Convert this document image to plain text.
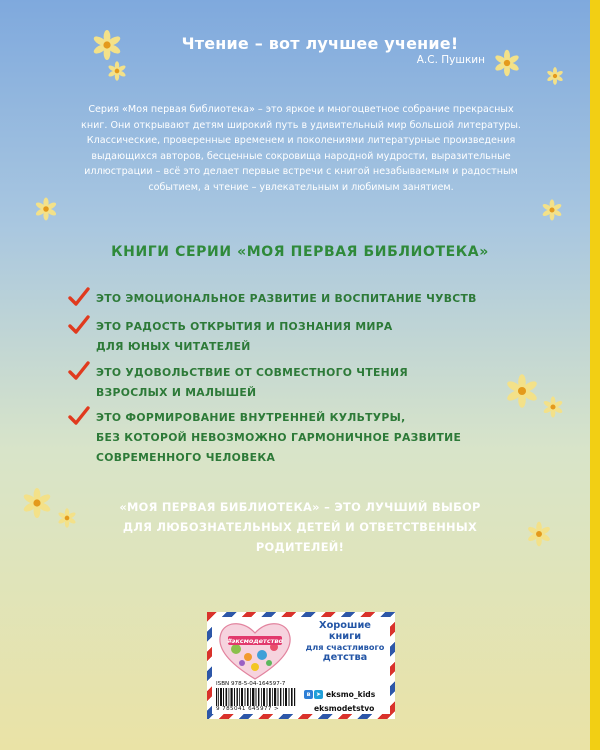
Чтение – вот лучшее учение!
А.С. Пушкин
Серия «Моя первая библиотека» – это яркое и многоцветное собрание прекрасных книг. Они открывают детям широкий путь в удивительный мир большой литературы. Классические, проверенные временем и поколениями литературные произведения выдающихся авторов, бесценные сокровища народной мудрости, выразительные иллюстрации – всё это делает первые встречи с книгой незабываемым и радостным событием, а чтение – увлекательным и любимым занятием.
КНИГИ СЕРИИ «МОЯ ПЕРВАЯ БИБЛИОТЕКА»
ЭТО ЭМОЦИОНАЛЬНОЕ РАЗВИТИЕ И ВОСПИТАНИЕ ЧУВСТВ
ЭТО РАДОСТЬ ОТКРЫТИЯ И ПОЗНАНИЯ МИРА
ДЛЯ ЮНЫХ ЧИТАТЕЛЕЙ
ЭТО УДОВОЛЬСТВИЕ ОТ СОВМЕСТНОГО ЧТЕНИЯ
ВЗРОСЛЫХ И МАЛЫШЕЙ
ЭТО ФОРМИРОВАНИЕ ВНУТРЕННЕЙ КУЛЬТУРЫ,
БЕЗ КОТОРОЙ НЕВОЗМОЖНО ГАРМОНИЧНОЕ РАЗВИТИЕ
СОВРЕМЕННОГО ЧЕЛОВЕКА
«МОЯ ПЕРВАЯ БИБЛИОТЕКА» – ЭТО ЛУЧШИЙ ВЫБОР
ДЛЯ ЛЮБОЗНАТЕЛЬНЫХ ДЕТЕЙ И ОТВЕТСТВЕННЫХ
РОДИТЕЛЕЙ!
#эксмодетство
Хорошие
книги
для счастливого
детства
ISBN 978-5-04-164597-7
9 785041 645977 >
в ➤ eksmo_kids
eksmodetstvo
